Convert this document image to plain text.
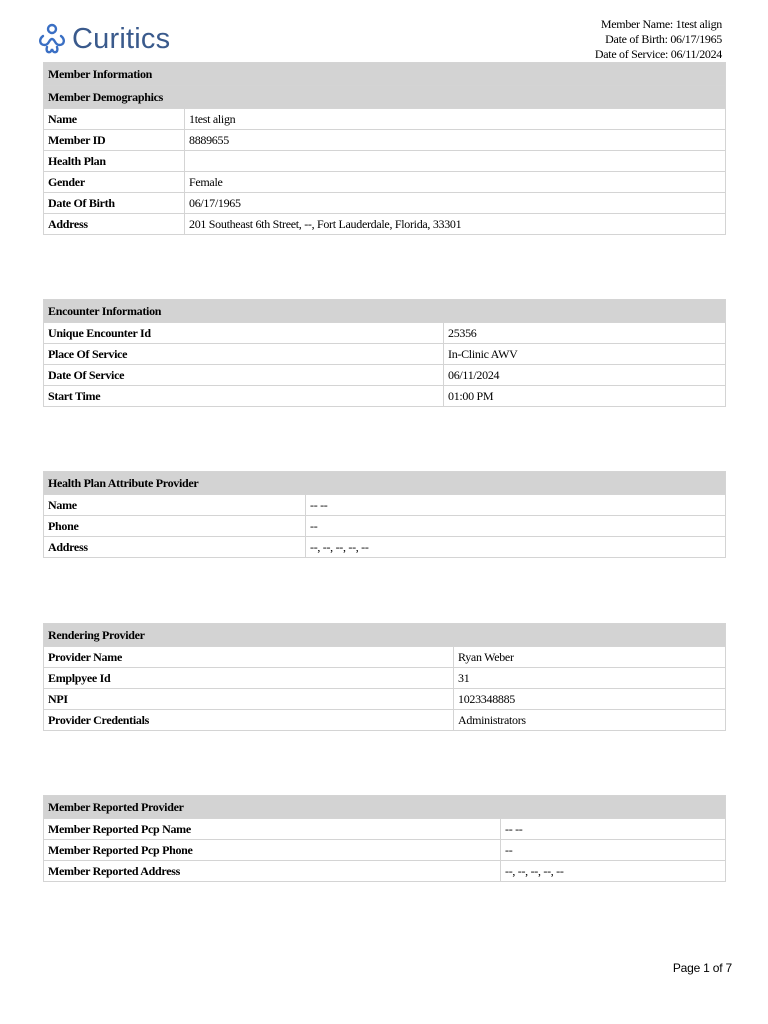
Curitics	Member Name: 1test align
Date of Birth: 06/17/1965
Date of Service: 06/11/2024
Member Information	
Member Demographics	
Name	1test align
Member ID	8889655
Health Plan	
Gender	Female
Date Of Birth	06/17/1965
Address	201 Southeast 6th Street, --, Fort Lauderdale, Florida, 33301
Encounter Information	
Unique Encounter Id	25356
Place Of Service	In-Clinic AWV
Date Of Service	06/11/2024
Start Time	01:00 PM
Health Plan Attribute Provider	
Name	-- --
Phone	--
Address	--, --, --, --, --
Rendering Provider	
Provider Name	Ryan Weber
Emplpyee Id	31
NPI	1023348885
Provider Credentials	Administrators
Member Reported Provider	
Member Reported Pcp Name	-- --
Member Reported Pcp Phone	--
Member Reported Address	--, --, --, --, --
Page 1 of 7
